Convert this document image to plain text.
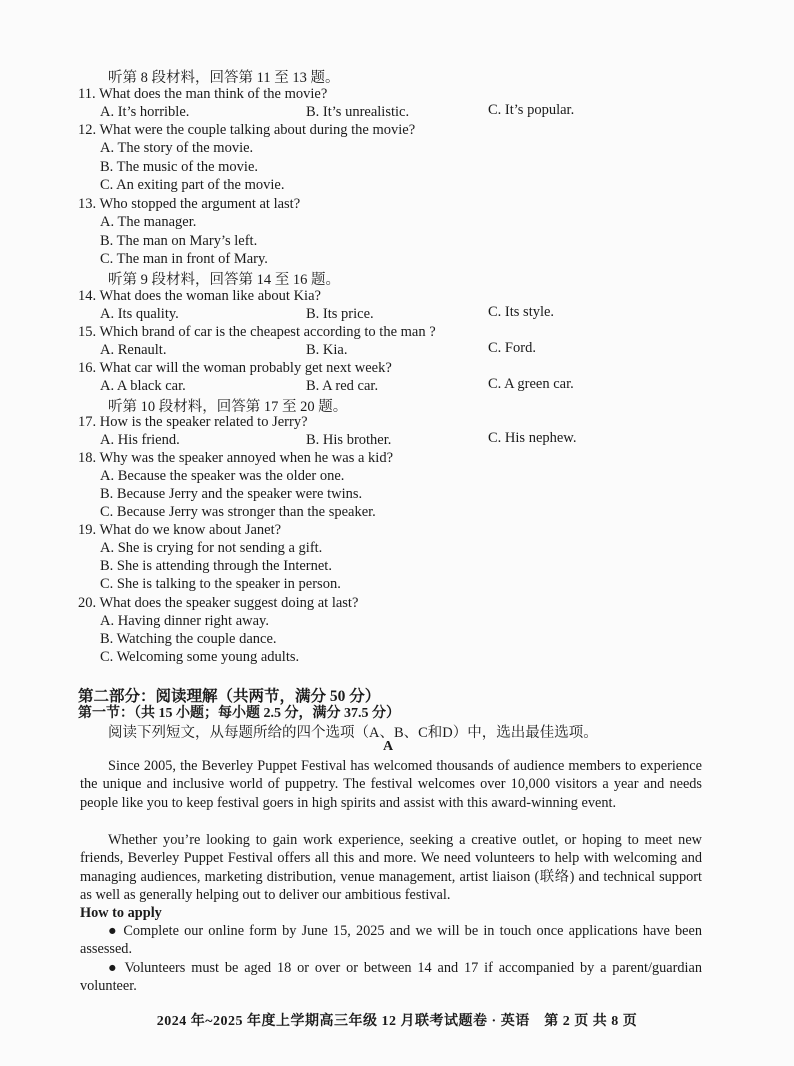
听第 8 段材料，回答第 11 至 13 题。
11. What does the man think of the movie?
A. It’s horrible.	B. It’s unrealistic.	C. It’s popular.
12. What were the couple talking about during the movie?
A. The story of the movie.
B. The music of the movie.
C. An exiting part of the movie.
13. Who stopped the argument at last?
A. The manager.
B. The man on Mary’s left.
C. The man in front of Mary.
听第 9 段材料，回答第 14 至 16 题。
14. What does the woman like about Kia?
A. Its quality.	B. Its price.	C. Its style.
15. Which brand of car is the cheapest according to the man ?
A. Renault.	B. Kia.	C. Ford.
16. What car will the woman probably get next week?
A. A black car.	B. A red car.	C. A green car.
听第 10 段材料，回答第 17 至 20 题。
17. How is the speaker related to Jerry?
A. His friend.	B. His brother.	C. His nephew.
18. Why was the speaker annoyed when he was a kid?
A. Because the speaker was the older one.
B. Because Jerry and the speaker were twins.
C. Because Jerry was stronger than the speaker.
19. What do we know about Janet?
A. She is crying for not sending a gift.
B. She is attending through the Internet.
C. She is talking to the speaker in person.
20. What does the speaker suggest doing at last?
A. Having dinner right away.
B. Watching the couple dance.
C. Welcoming some young adults.
第二部分：阅读理解（共两节，满分 50 分）
第一节：（共 15 小题；每小题 2.5 分，满分 37.5 分）
阅读下列短文，从每题所给的四个选项（A、B、C和D）中，选出最佳选项。
A
Since 2005, the Beverley Puppet Festival has welcomed thousands of audience members to experience the unique and inclusive world of puppetry. The festival welcomes over 10,000 visitors a year and needs people like you to keep festival goers in high spirits and assist with this award-winning event.
Whether you’re looking to gain work experience, seeking a creative outlet, or hoping to meet new friends, Beverley Puppet Festival offers all this and more. We need volunteers to help with welcoming and managing audiences, marketing distribution, venue management, artist liaison (联络) and technical support as well as generally helping out to deliver our ambitious festival.
How to apply
● Complete our online form by June 15, 2025 and we will be in touch once applications have been assessed.
● Volunteers must be aged 18 or over or between 14 and 17 if accompanied by a parent/guardian volunteer.
2024 年~2025 年度上学期高三年级 12 月联考试题卷 · 英语　第 2 页 共 8 页
